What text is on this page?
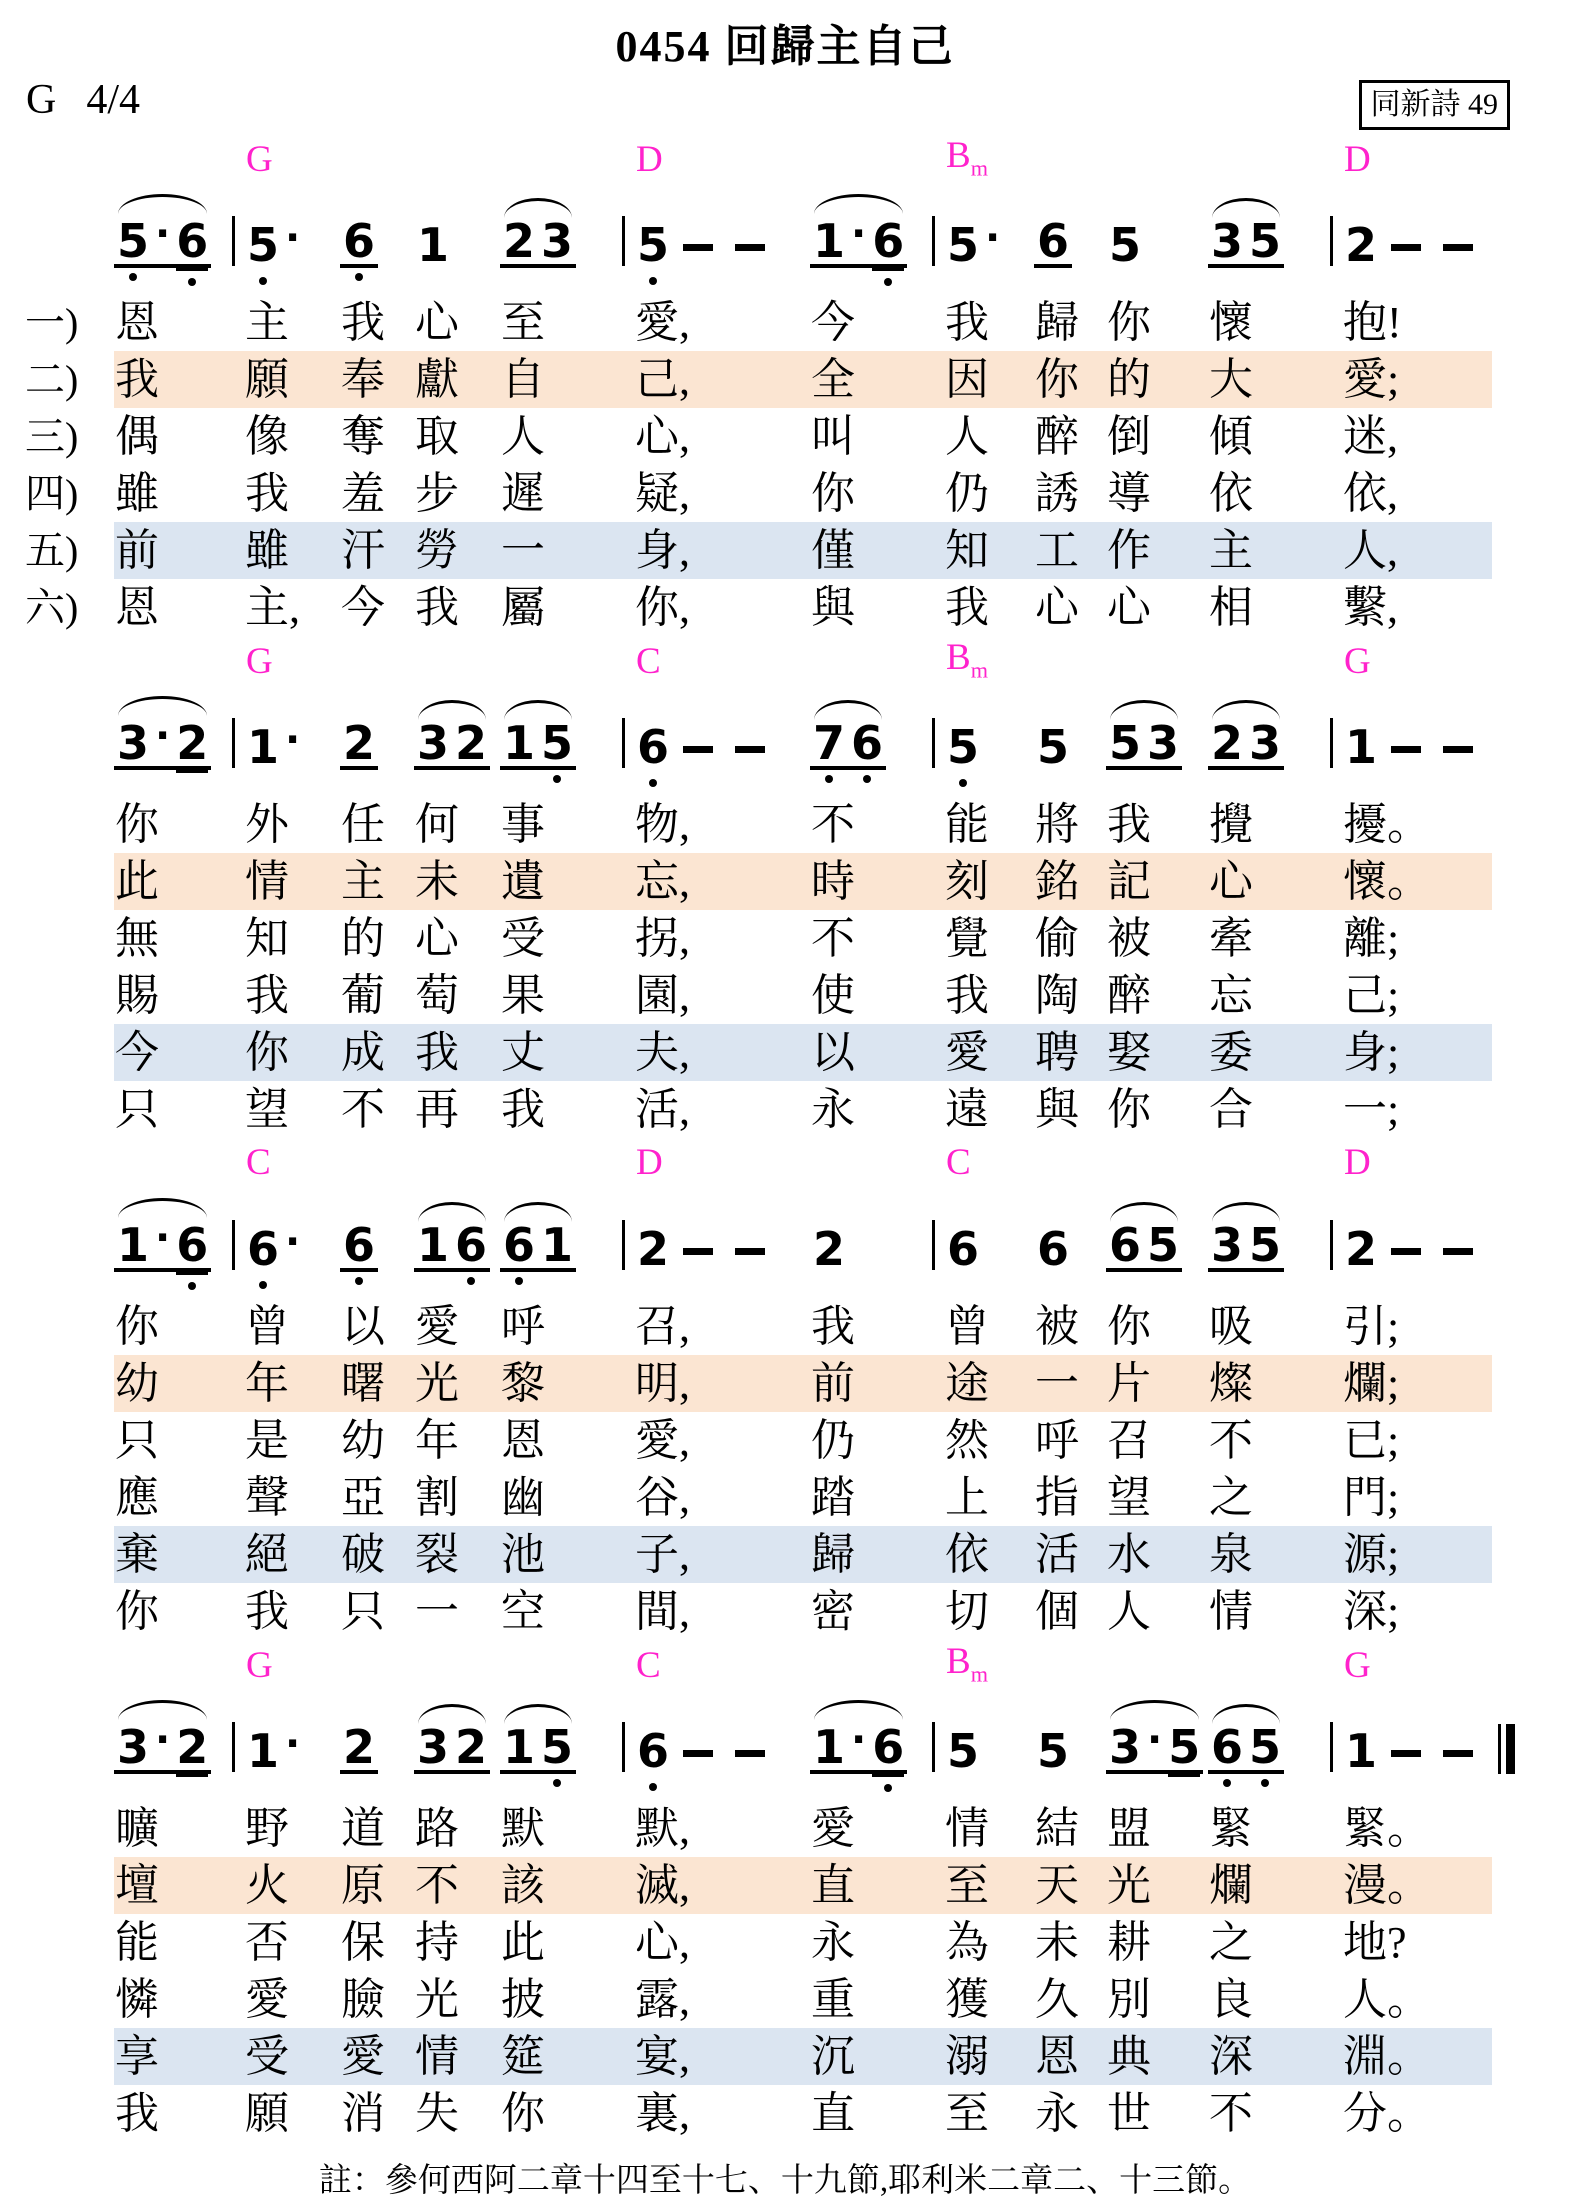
0454 回歸主自己
G 4/4	同新詩 49
G	D	$B_m$	D
5 · 6 5 · 6 1 2 3 5	1 · 6 5 · 6 5 3 5 2
一) 恩	主	我 心 至	愛,	今	我	歸 你	懷	抱!
二) 我	願	奉 獻 自	己,	全	因	你 的	大	愛;
三) 偶	像	奪 取 人	心,	叫	人	醉 倒	傾	迷,
四) 雖	我	羞 步 遲	疑,	你	仍	誘 導	依	依,
五) 前	雖	汗 勞 一	身,	僅	知	工 作	主	人,
六) 恩	主, 今 我 屬	你,	與	我	心 心	相	繫,
G	C	$B_m$	G
3 · 2 1 · 2 3 2 1 5 6	7 6 5 5 5 3 2 3 1
你	外	任 何 事	物,	不	能	將 我	攪	擾。
此	情	主 未 遺	忘,	時	刻	銘 記	心	懷。
無	知	的 心 受	拐,	不	覺	偷 被	牽	離;
賜	我	葡 萄 果	園,	使	我	陶 醉	忘	己;
今	你	成 我 丈	夫,	以	愛	聘 娶	委	身;
只	望	不 再 我	活,	永	遠	與 你	合	一;
C	D	C	D
1 · 6 6 · 6 1 6 6 1 2	2 6 6 6 5 3 5 2
你	曾	以 愛 呼	召,	我	曾	被 你	吸	引;
幼	年	曙 光 黎	明,	前	途	一 片	燦	爛;
只	是	幼 年 恩	愛,	仍	然	呼 召	不	已;
應	聲	亞 割 幽	谷,	踏	上	指 望	之	門;
棄	絕	破 裂 池	子,	歸	依	活 水	泉	源;
你	我	只 一 空	間,	密	切	個 人	情	深;
G	C	$B_m$	G
3 · 2 1 · 2 3 2 1 5 6	1 · 6 5 5 3 · 5 6 5 1
曠	野	道 路 默	默,	愛	情	結 盟	緊	緊。
壇	火	原 不 該	滅,	直	至	天 光	爛	漫。
能	否	保 持 此	心,	永	為	未 耕	之	地?
憐	愛	臉 光 披	露,	重	獲	久 別	良	人。
享	受	愛 情 筵	宴,	沉	溺	恩 典	深	淵。
我	願	消 失 你	裏,	直	至	永 世	不	分。
註：參何西阿二章十四至十七、十九節,耶利米二章二、十三節。
